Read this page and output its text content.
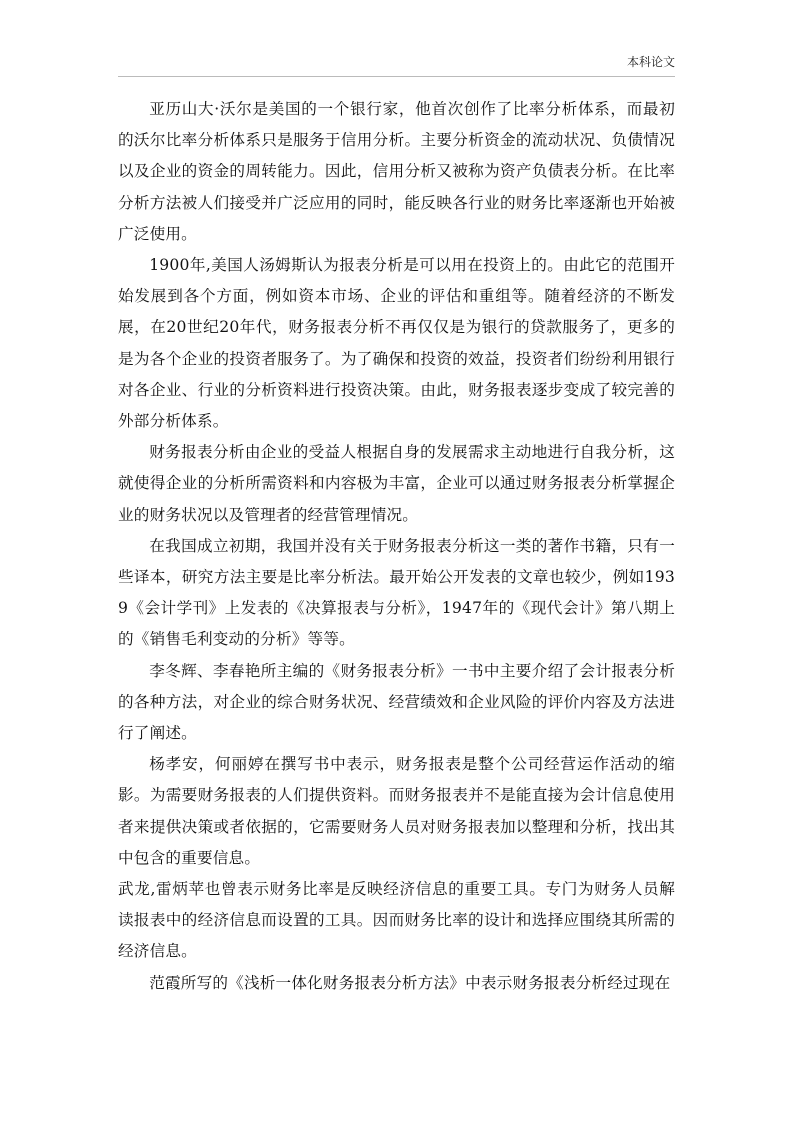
本科论文

亚历山大·沃尔是美国的一个银行家，他首次创作了比率分析体系，而最初的沃尔比率分析体系只是服务于信用分析。主要分析资金的流动状况、负债情况以及企业的资金的周转能力。因此，信用分析又被称为资产负债表分析。在比率分析方法被人们接受并广泛应用的同时，能反映各行业的财务比率逐渐也开始被广泛使用。

1900年,美国人汤姆斯认为报表分析是可以用在投资上的。由此它的范围开始发展到各个方面，例如资本市场、企业的评估和重组等。随着经济的不断发展，在20世纪20年代，财务报表分析不再仅仅是为银行的贷款服务了，更多的是为各个企业的投资者服务了。为了确保和投资的效益，投资者们纷纷利用银行对各企业、行业的分析资料进行投资决策。由此，财务报表逐步变成了较完善的外部分析体系。

财务报表分析由企业的受益人根据自身的发展需求主动地进行自我分析，这就使得企业的分析所需资料和内容极为丰富，企业可以通过财务报表分析掌握企业的财务状况以及管理者的经营管理情况。

在我国成立初期，我国并没有关于财务报表分析这一类的著作书籍，只有一些译本，研究方法主要是比率分析法。最开始公开发表的文章也较少，例如1939《会计学刊》上发表的《决算报表与分析》，1947年的《现代会计》第八期上的《销售毛利变动的分析》等等。

李冬辉、李春艳所主编的《财务报表分析》一书中主要介绍了会计报表分析的各种方法，对企业的综合财务状况、经营绩效和企业风险的评价内容及方法进行了阐述。

杨孝安，何丽婷在撰写书中表示，财务报表是整个公司经营运作活动的缩影。为需要财务报表的人们提供资料。而财务报表并不是能直接为会计信息使用者来提供决策或者依据的，它需要财务人员对财务报表加以整理和分析，找出其中包含的重要信息。

武龙,雷炳苹也曾表示财务比率是反映经济信息的重要工具。专门为财务人员解读报表中的经济信息而设置的工具。因而财务比率的设计和选择应围绕其所需的经济信息。

范霞所写的《浅析一体化财务报表分析方法》中表示财务报表分析经过现在
